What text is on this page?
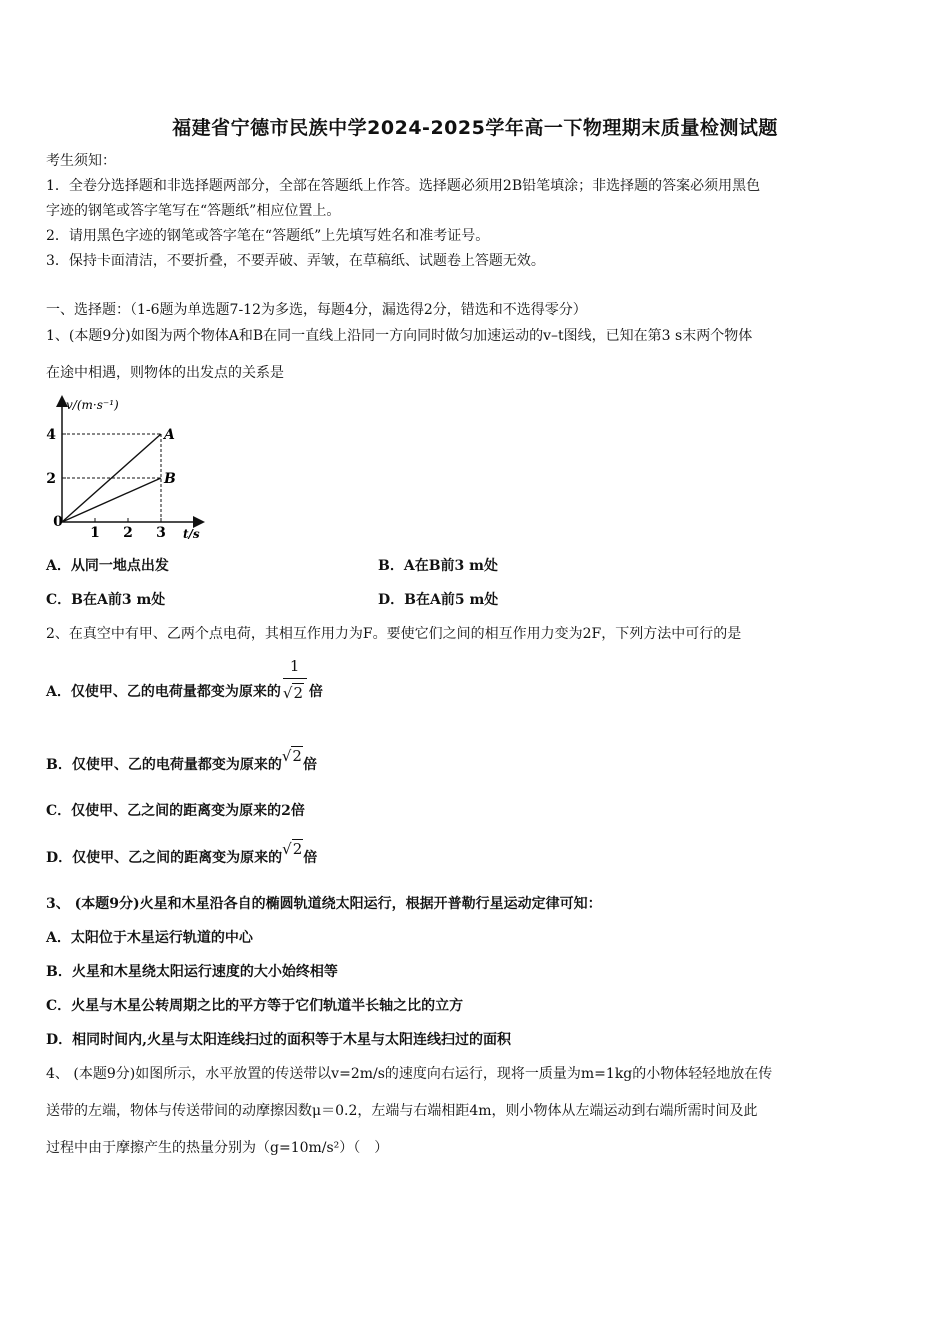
福建省宁德市民族中学2024-2025学年高一下物理期末质量检测试题
考生须知：
1．全卷分选择题和非选择题两部分，全部在答题纸上作答。选择题必须用2B铅笔填涂；非选择题的答案必须用黑色
字迹的钢笔或答字笔写在“答题纸”相应位置上。
2．请用黑色字迹的钢笔或答字笔在“答题纸”上先填写姓名和准考证号。
3．保持卡面清洁，不要折叠，不要弄破、弄皱，在草稿纸、试题卷上答题无效。
一、选择题：（1-6题为单选题7-12为多选，每题4分，漏选得2分，错选和不选得零分）
1、(本题9分)如图为两个物体A和B在同一直线上沿同一方向同时做匀加速运动的v–t图线，已知在第3 s末两个物体
在途中相遇，则物体的出发点的关系是
v/(m·s⁻¹)
t/s
0
1 2 3
2
4	A
B
A．从同一地点出发	B．A在B前3 m处
C．B在A前3 m处	D．B在A前5 m处
2、在真空中有甲、乙两个点电荷，其相互作用力为F。要使它们之间的相互作用力变为2F，下列方法中可行的是
A．仅使甲、乙的电荷量都变为原来的 $\frac{1}{√2}$ 倍
B．仅使甲、乙的电荷量都变为原来的√2倍
C．仅使甲、乙之间的距离变为原来的2倍
D．仅使甲、乙之间的距离变为原来的√2倍
3、 (本题9分)火星和木星沿各自的椭圆轨道绕太阳运行，根据开普勒行星运动定律可知：
A．太阳位于木星运行轨道的中心
B．火星和木星绕太阳运行速度的大小始终相等
C．火星与木星公转周期之比的平方等于它们轨道半长轴之比的立方
D．相同时间内,火星与太阳连线扫过的面积等于木星与太阳连线扫过的面积
4、 (本题9分)如图所示，水平放置的传送带以v=2m/s的速度向右运行，现将一质量为m=1kg的小物体轻轻地放在传
送带的左端，物体与传送带间的动摩擦因数μ＝0.2，左端与右端相距4m，则小物体从左端运动到右端所需时间及此
过程中由于摩擦产生的热量分别为（g=10m/s²）（　）
